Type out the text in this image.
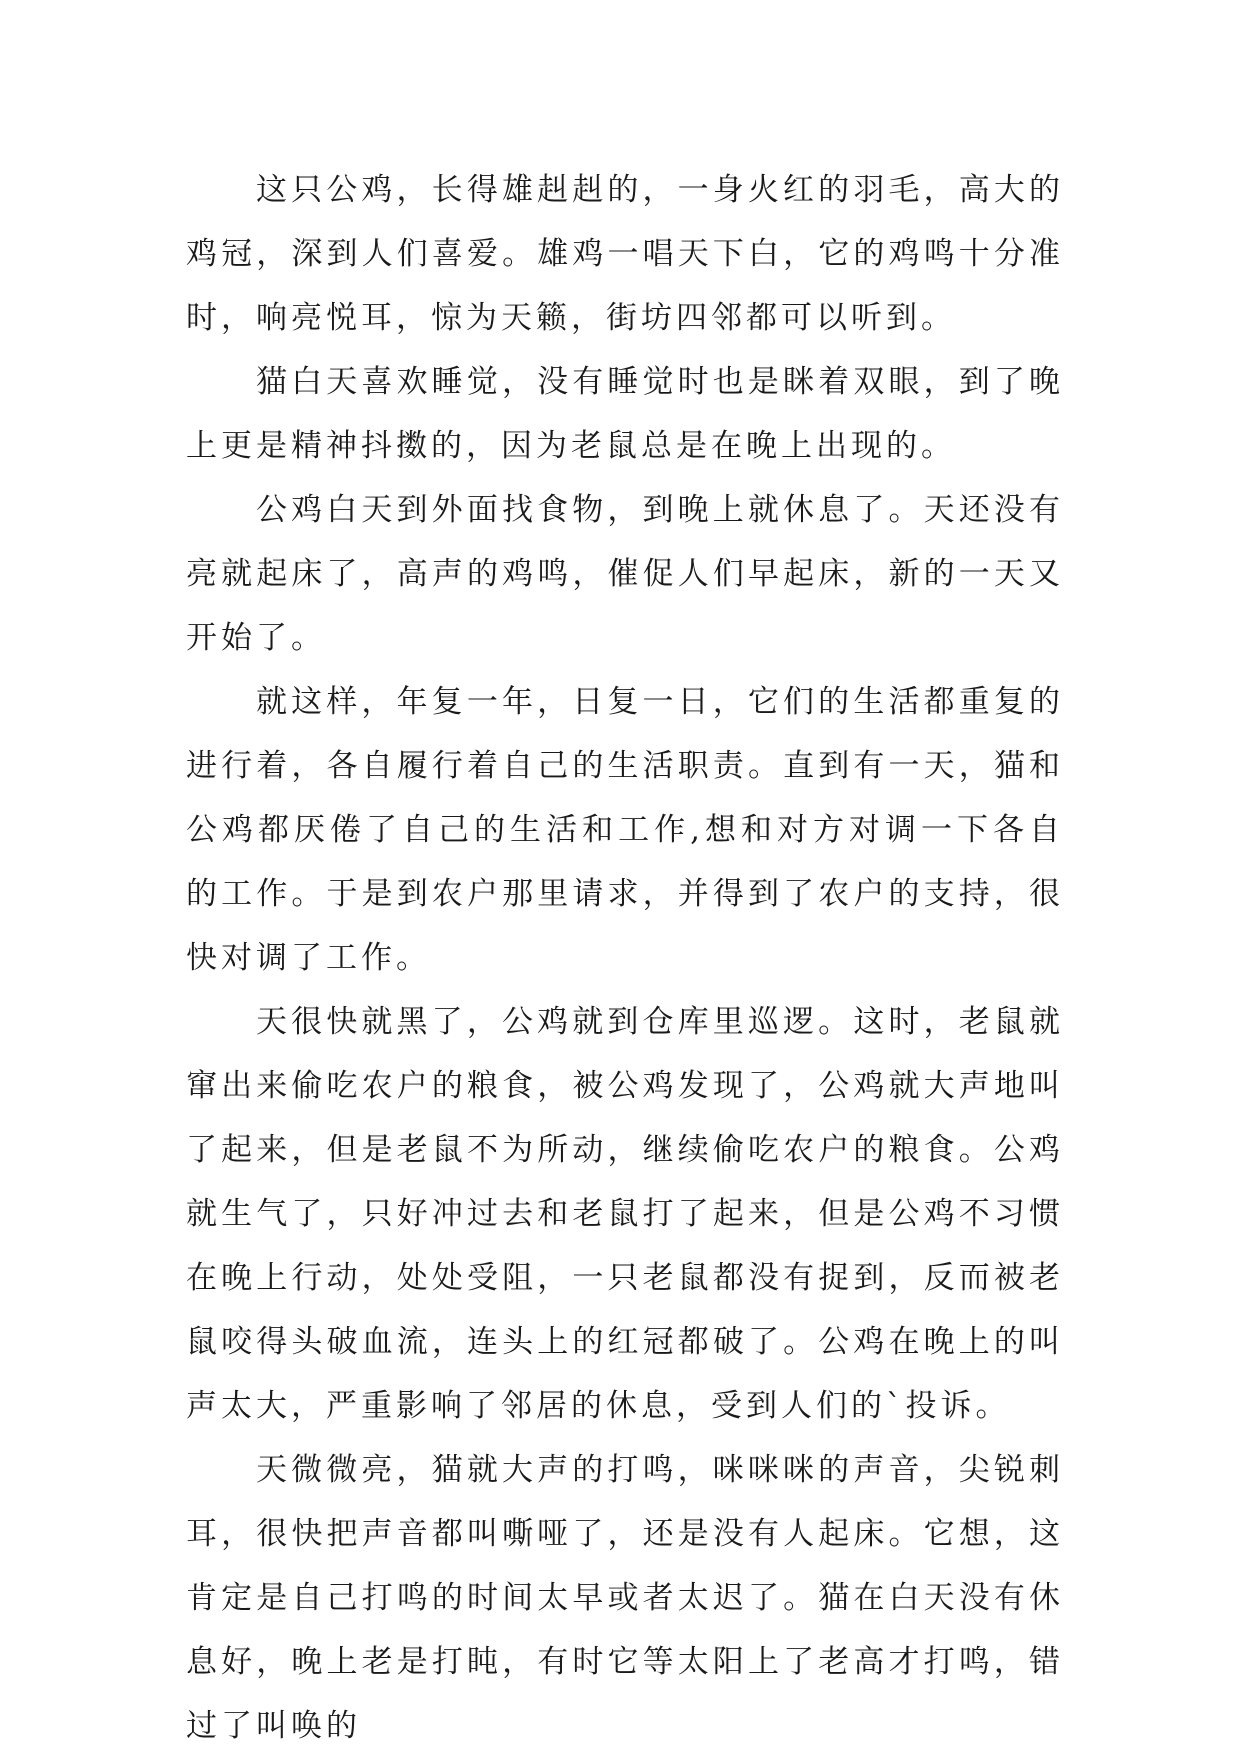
这只公鸡，长得雄赳赳的，一身火红的羽毛，高大的鸡冠，深到人们喜爱。雄鸡一唱天下白，它的鸡鸣十分准时，响亮悦耳，惊为天籁，街坊四邻都可以听到。

猫白天喜欢睡觉，没有睡觉时也是眯着双眼，到了晚上更是精神抖擞的，因为老鼠总是在晚上出现的。

公鸡白天到外面找食物，到晚上就休息了。天还没有亮就起床了，高声的鸡鸣，催促人们早起床，新的一天又开始了。

就这样，年复一年，日复一日，它们的生活都重复的进行着，各自履行着自己的生活职责。直到有一天，猫和公鸡都厌倦了自己的生活和工作,想和对方对调一下各自的工作。于是到农户那里请求，并得到了农户的支持，很快对调了工作。

天很快就黑了，公鸡就到仓库里巡逻。这时，老鼠就窜出来偷吃农户的粮食，被公鸡发现了，公鸡就大声地叫了起来，但是老鼠不为所动，继续偷吃农户的粮食。公鸡就生气了，只好冲过去和老鼠打了起来，但是公鸡不习惯在晚上行动，处处受阻，一只老鼠都没有捉到，反而被老鼠咬得头破血流，连头上的红冠都破了。公鸡在晚上的叫声太大，严重影响了邻居的休息，受到人们的`投诉。

天微微亮，猫就大声的打鸣，咪咪咪的声音，尖锐刺耳，很快把声音都叫嘶哑了，还是没有人起床。它想，这肯定是自己打鸣的时间太早或者太迟了。猫在白天没有休息好，晚上老是打盹，有时它等太阳上了老高才打鸣，错过了叫唤的
